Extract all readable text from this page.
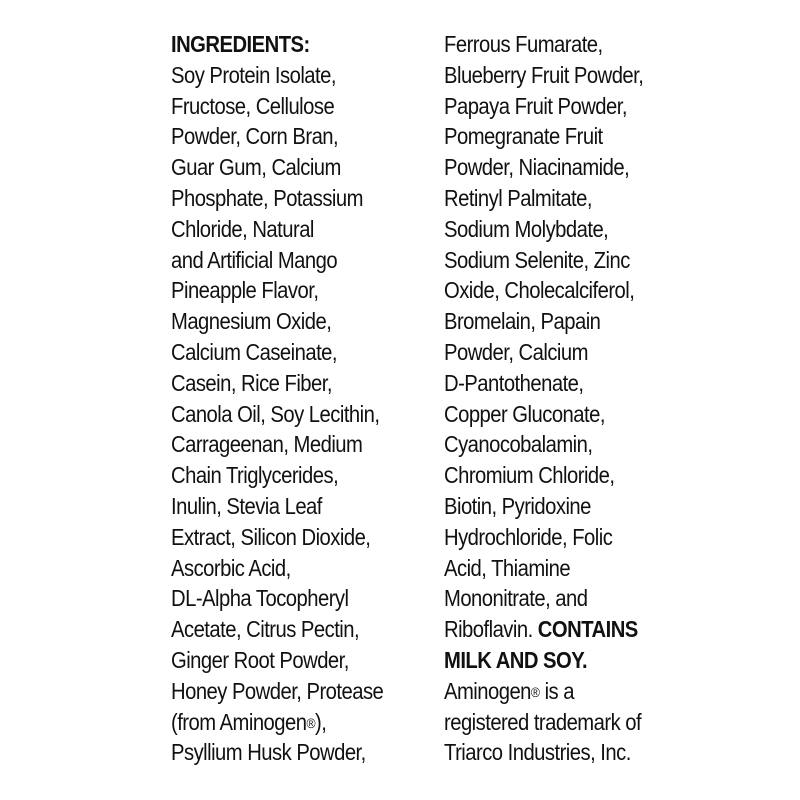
INGREDIENTS:
Soy Protein Isolate,
Fructose, Cellulose
Powder, Corn Bran,
Guar Gum, Calcium
Phosphate, Potassium
Chloride, Natural
and Artificial Mango
Pineapple Flavor,
Magnesium Oxide,
Calcium Caseinate,
Casein, Rice Fiber,
Canola Oil, Soy Lecithin,
Carrageenan, Medium
Chain Triglycerides,
Inulin, Stevia Leaf
Extract, Silicon Dioxide,
Ascorbic Acid,
DL-Alpha Tocopheryl
Acetate, Citrus Pectin,
Ginger Root Powder,
Honey Powder, Protease
(from Aminogen®),
Psyllium Husk Powder,
Ferrous Fumarate,
Blueberry Fruit Powder,
Papaya Fruit Powder,
Pomegranate Fruit
Powder, Niacinamide,
Retinyl Palmitate,
Sodium Molybdate,
Sodium Selenite, Zinc
Oxide, Cholecalciferol,
Bromelain, Papain
Powder, Calcium
D-Pantothenate,
Copper Gluconate,
Cyanocobalamin,
Chromium Chloride,
Biotin, Pyridoxine
Hydrochloride, Folic
Acid, Thiamine
Mononitrate, and
Riboflavin. CONTAINS
MILK AND SOY.
Aminogen® is a
registered trademark of
Triarco Industries, Inc.
